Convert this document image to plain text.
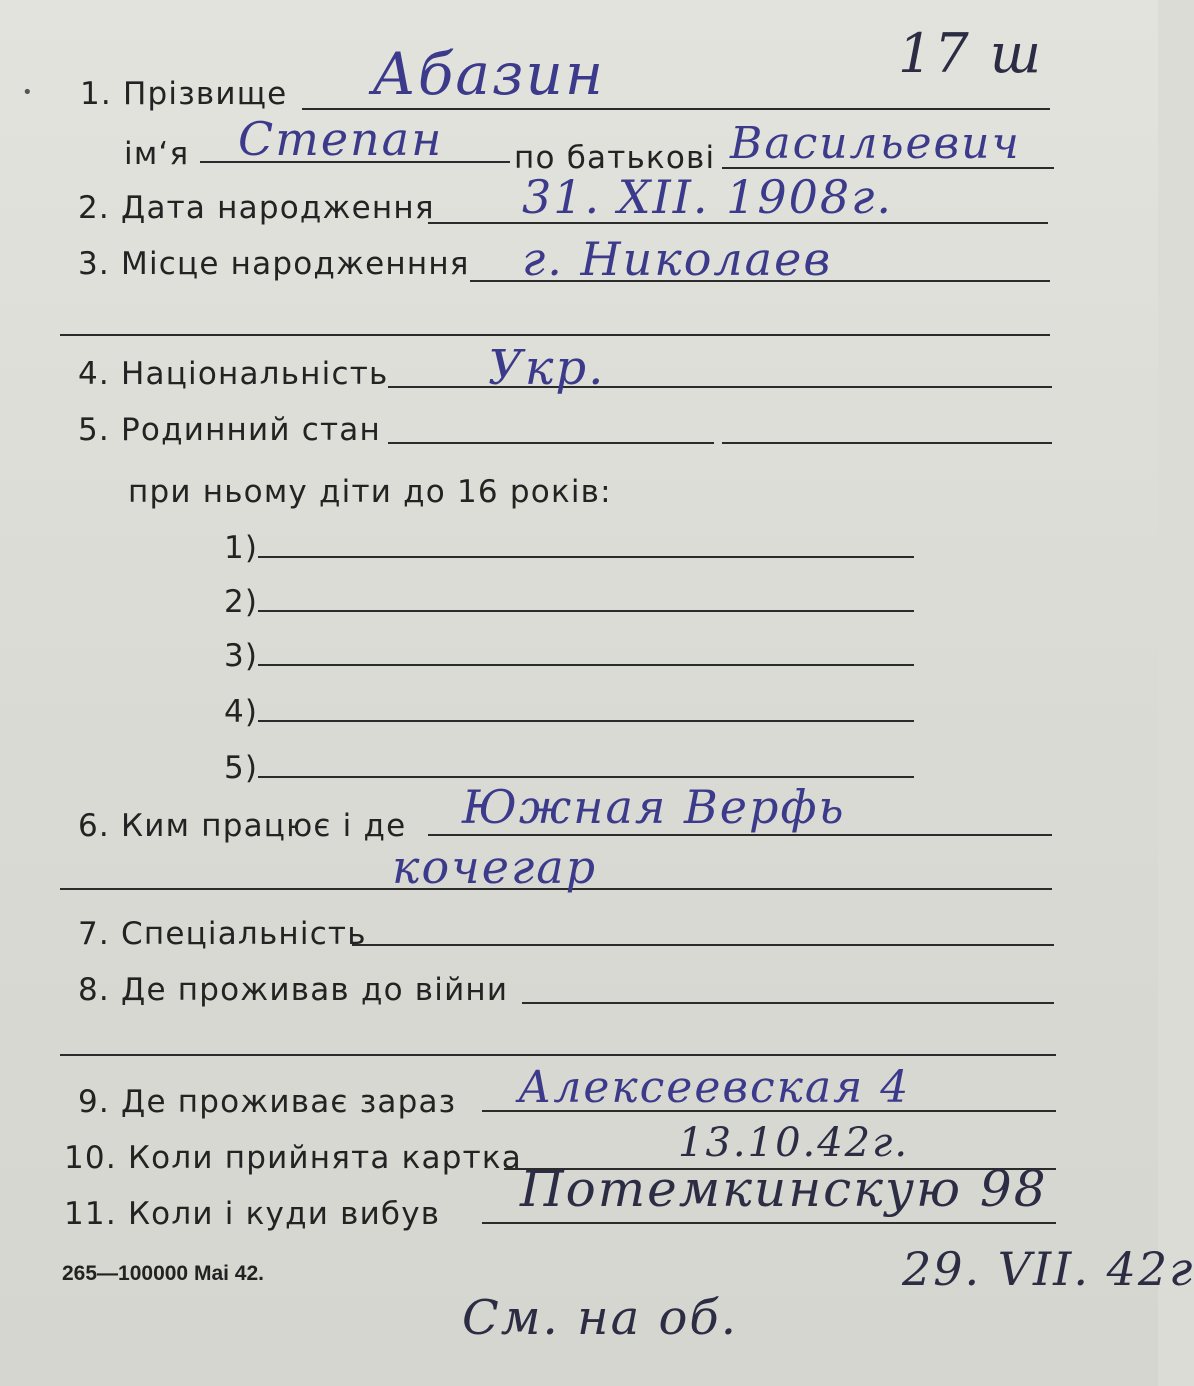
•
17 ш
1. Прізвище Абазин
ім‘я Степан по батькові Васильевич
2. Дата народження 31. XII. 1908г.
3. Місце народженння г. Николаев
4. Національність Укр.
5. Родинний стан
при ньому діти до 16 років:
1)
2)
3)
4)
5)
6. Ким працює і де Южная Верфь
кочегар
7. Спеціальність
8. Де проживав до війни
9. Де проживає зараз Алексеевская 4
10. Коли прийнята картка	13.10.42г.
11. Коли і куди вибув Потемкинскую 98
265—100000 Mai 42.	29. VII. 42г
См. на об.
